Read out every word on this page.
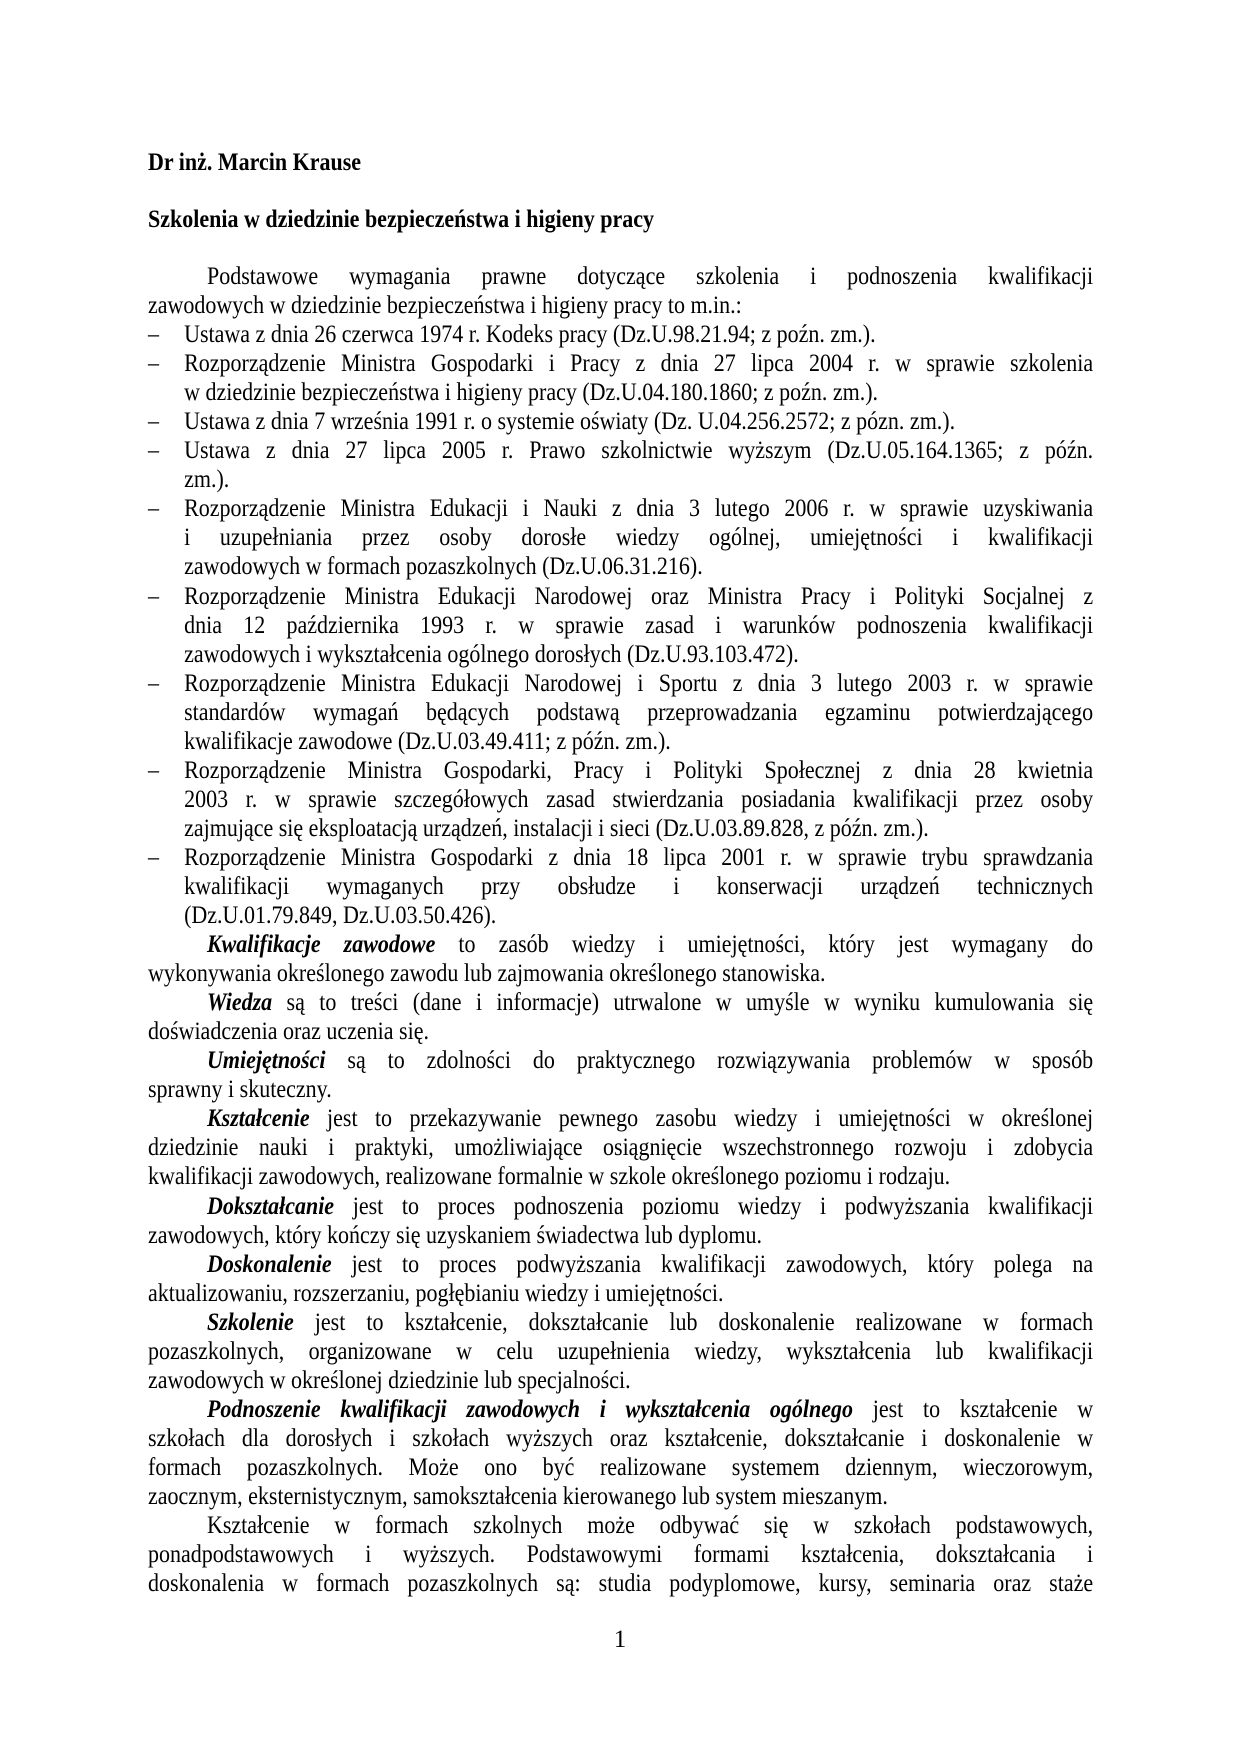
Dr inż. Marcin Krause
Szkolenia w dziedzinie bezpieczeństwa i higieny pracy
Podstawowe wymagania prawne dotyczące szkolenia i podnoszenia kwalifikacji
zawodowych w dziedzinie bezpieczeństwa i higieny pracy to m.in.:
– Ustawa z dnia 26 czerwca 1974 r. Kodeks pracy (Dz.U.98.21.94; z poźn. zm.).
– Rozporządzenie Ministra Gospodarki i Pracy z dnia 27 lipca 2004 r. w sprawie szkolenia
w dziedzinie bezpieczeństwa i higieny pracy (Dz.U.04.180.1860; z poźn. zm.).
– Ustawa z dnia 7 września 1991 r. o systemie oświaty (Dz. U.04.256.2572; z pózn. zm.).
– Ustawa z dnia 27 lipca 2005 r. Prawo szkolnictwie wyższym (Dz.U.05.164.1365; z późn.
zm.).
– Rozporządzenie Ministra Edukacji i Nauki z dnia 3 lutego 2006 r. w sprawie uzyskiwania
i uzupełniania przez osoby dorosłe wiedzy ogólnej, umiejętności i kwalifikacji
zawodowych w formach pozaszkolnych (Dz.U.06.31.216).
– Rozporządzenie Ministra Edukacji Narodowej oraz Ministra Pracy i Polityki Socjalnej z
dnia 12 października 1993 r. w sprawie zasad i warunków podnoszenia kwalifikacji
zawodowych i wykształcenia ogólnego dorosłych (Dz.U.93.103.472).
– Rozporządzenie Ministra Edukacji Narodowej i Sportu z dnia 3 lutego 2003 r. w sprawie
standardów wymagań będących podstawą przeprowadzania egzaminu potwierdzającego
kwalifikacje zawodowe (Dz.U.03.49.411; z późn. zm.).
– Rozporządzenie Ministra Gospodarki, Pracy i Polityki Społecznej z dnia 28 kwietnia
2003 r. w sprawie szczegółowych zasad stwierdzania posiadania kwalifikacji przez osoby
zajmujące się eksploatacją urządzeń, instalacji i sieci (Dz.U.03.89.828, z późn. zm.).
– Rozporządzenie Ministra Gospodarki z dnia 18 lipca 2001 r. w sprawie trybu sprawdzania
kwalifikacji wymaganych przy obsłudze i konserwacji urządzeń technicznych
(Dz.U.01.79.849, Dz.U.03.50.426).
Kwalifikacje zawodowe to zasób wiedzy i umiejętności, który jest wymagany do
wykonywania określonego zawodu lub zajmowania określonego stanowiska.
Wiedza są to treści (dane i informacje) utrwalone w umyśle w wyniku kumulowania się
doświadczenia oraz uczenia się.
Umiejętności są to zdolności do praktycznego rozwiązywania problemów w sposób
sprawny i skuteczny.
Kształcenie jest to przekazywanie pewnego zasobu wiedzy i umiejętności w określonej
dziedzinie nauki i praktyki, umożliwiające osiągnięcie wszechstronnego rozwoju i zdobycia
kwalifikacji zawodowych, realizowane formalnie w szkole określonego poziomu i rodzaju.
Dokształcanie jest to proces podnoszenia poziomu wiedzy i podwyższania kwalifikacji
zawodowych, który kończy się uzyskaniem świadectwa lub dyplomu.
Doskonalenie jest to proces podwyższania kwalifikacji zawodowych, który polega na
aktualizowaniu, rozszerzaniu, pogłębianiu wiedzy i umiejętności.
Szkolenie jest to kształcenie, dokształcanie lub doskonalenie realizowane w formach
pozaszkolnych, organizowane w celu uzupełnienia wiedzy, wykształcenia lub kwalifikacji
zawodowych w określonej dziedzinie lub specjalności.
Podnoszenie kwalifikacji zawodowych i wykształcenia ogólnego jest to kształcenie w
szkołach dla dorosłych i szkołach wyższych oraz kształcenie, dokształcanie i doskonalenie w
formach pozaszkolnych. Może ono być realizowane systemem dziennym, wieczorowym,
zaocznym, eksternistycznym, samokształcenia kierowanego lub system mieszanym.
Kształcenie w formach szkolnych może odbywać się w szkołach podstawowych,
ponadpodstawowych i wyższych. Podstawowymi formami kształcenia, dokształcania i
doskonalenia w formach pozaszkolnych są: studia podyplomowe, kursy, seminaria oraz staże
1
